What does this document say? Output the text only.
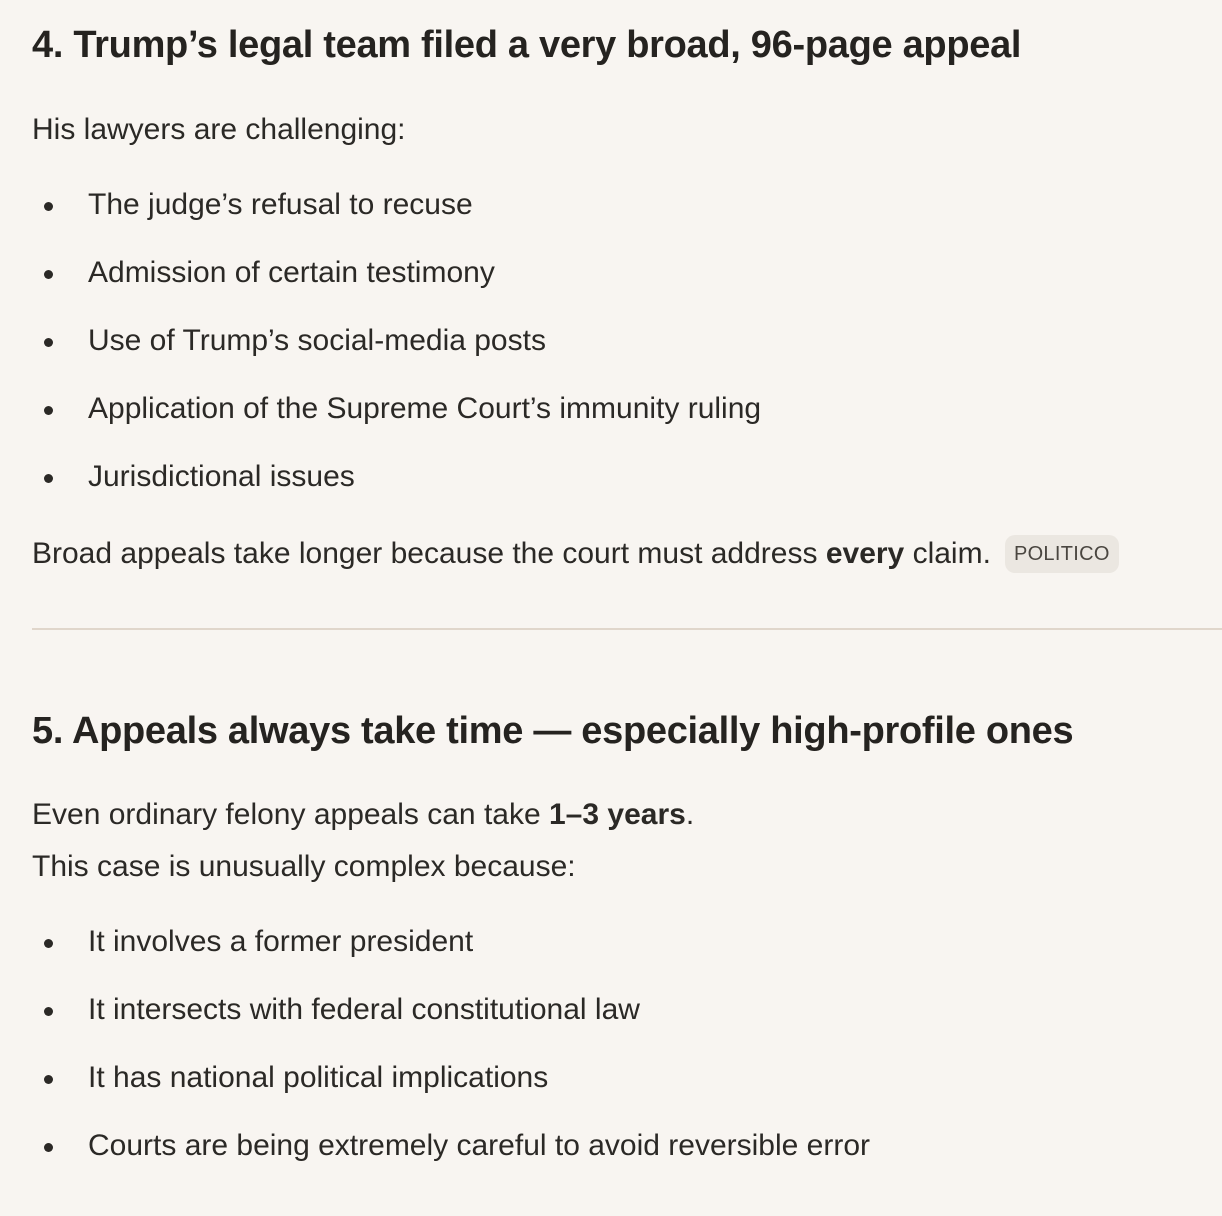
4. Trump’s legal team filed a very broad, 96-page appeal

His lawyers are challenging:

The judge’s refusal to recuse
Admission of certain testimony
Use of Trump’s social-media posts
Application of the Supreme Court’s immunity ruling
Jurisdictional issues

Broad appeals take longer because the court must address every claim. POLITICO

5. Appeals always take time — especially high-profile ones

Even ordinary felony appeals can take 1–3 years.

This case is unusually complex because:

It involves a former president
It intersects with federal constitutional law
It has national political implications
Courts are being extremely careful to avoid reversible error
